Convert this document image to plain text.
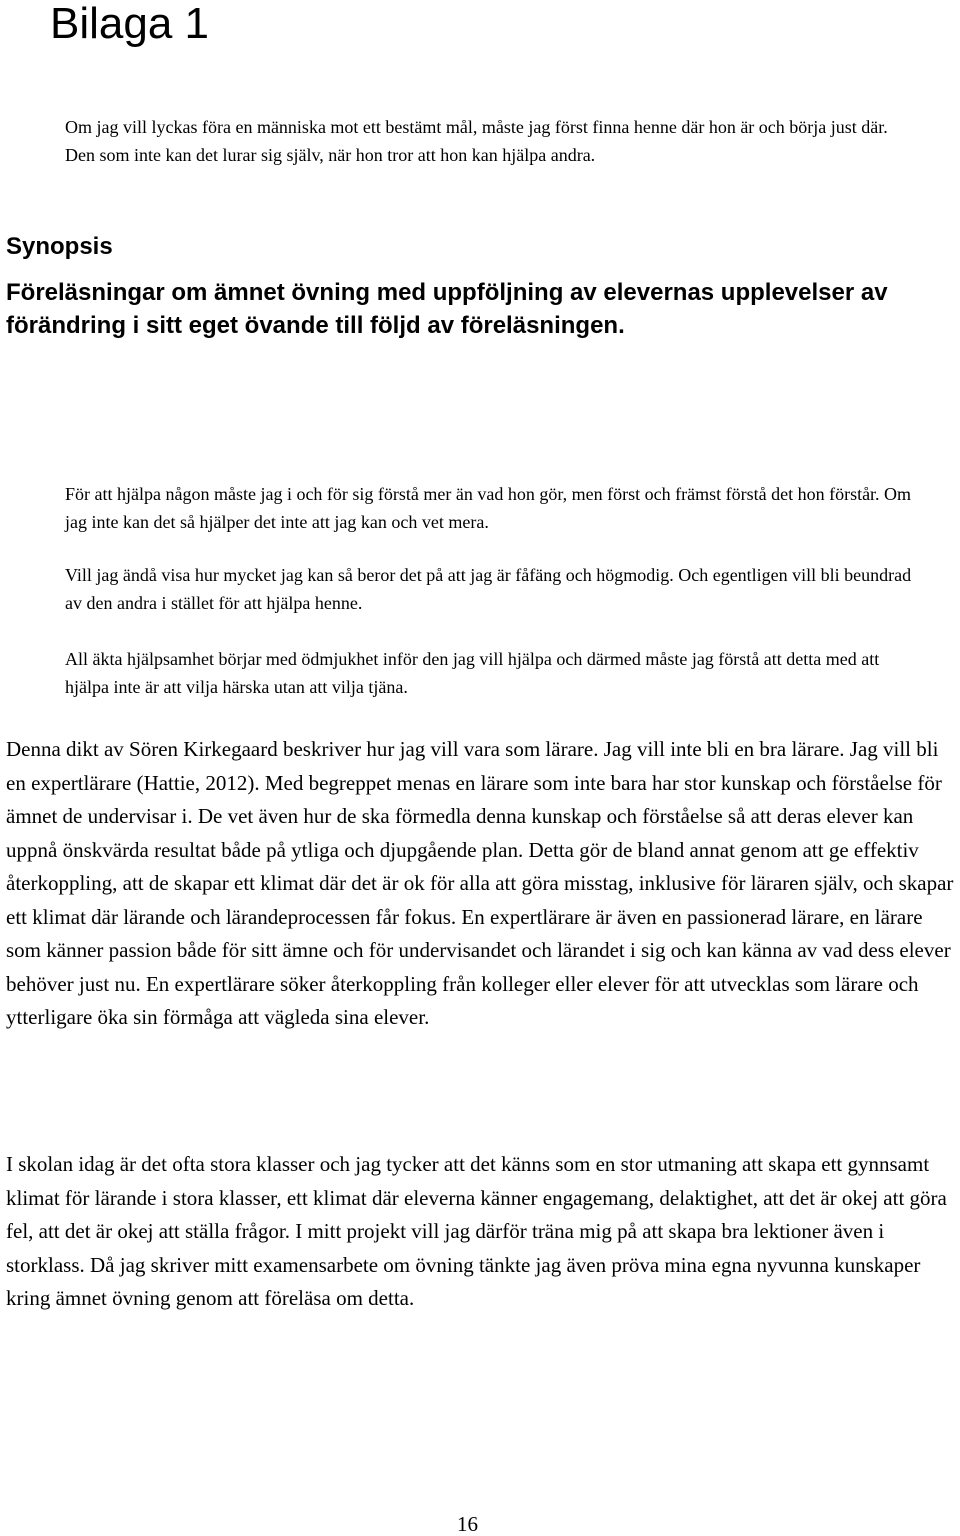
Bilaga 1
Synopsis
Föreläsningar om ämnet övning med uppföljning av elevernas upplevelser av förändring i sitt eget övande till följd av föreläsningen.

Om jag vill lyckas föra en människa mot ett bestämt mål, måste jag först finna henne där hon är och börja just där. Den som inte kan det lurar sig själv, när hon tror att hon kan hjälpa andra.

För att hjälpa någon måste jag i och för sig förstå mer än vad hon gör, men först och främst förstå det hon förstår. Om jag inte kan det så hjälper det inte att jag kan och vet mera.

Vill jag ändå visa hur mycket jag kan så beror det på att jag är fåfäng och högmodig. Och egentligen vill bli beundrad av den andra i stället för att hjälpa henne.

All äkta hjälpsamhet börjar med ödmjukhet inför den jag vill hjälpa och därmed måste jag förstå att detta med att hjälpa inte är att vilja härska utan att vilja tjäna.

Denna dikt av Sören Kirkegaard beskriver hur jag vill vara som lärare. Jag vill inte bli en bra lärare. Jag vill bli en expertlärare (Hattie, 2012). Med begreppet menas en lärare som inte bara har stor kunskap och förståelse för ämnet de undervisar i. De vet även hur de ska förmedla denna kunskap och förståelse så att deras elever kan uppnå önskvärda resultat både på ytliga och djupgående plan. Detta gör de bland annat genom att ge effektiv återkoppling, att de skapar ett klimat där det är ok för alla att göra misstag, inklusive för läraren själv, och skapar ett klimat där lärande och lärandeprocessen får fokus. En expertlärare är även en passionerad lärare, en lärare som känner passion både för sitt ämne och för undervisandet och lärandet i sig och kan känna av vad dess elever behöver just nu. En expertlärare söker återkoppling från kolleger eller elever för att utvecklas som lärare och ytterligare öka sin förmåga att vägleda sina elever.

I skolan idag är det ofta stora klasser och jag tycker att det känns som en stor utmaning att skapa ett gynnsamt klimat för lärande i stora klasser, ett klimat där eleverna känner engagemang, delaktighet, att det är okej att göra fel, att det är okej att ställa frågor. I mitt projekt vill jag därför träna mig på att skapa bra lektioner även i storklass. Då jag skriver mitt examensarbete om övning tänkte jag även pröva mina egna nyvunna kunskaper kring ämnet övning genom att föreläsa om detta.

16
